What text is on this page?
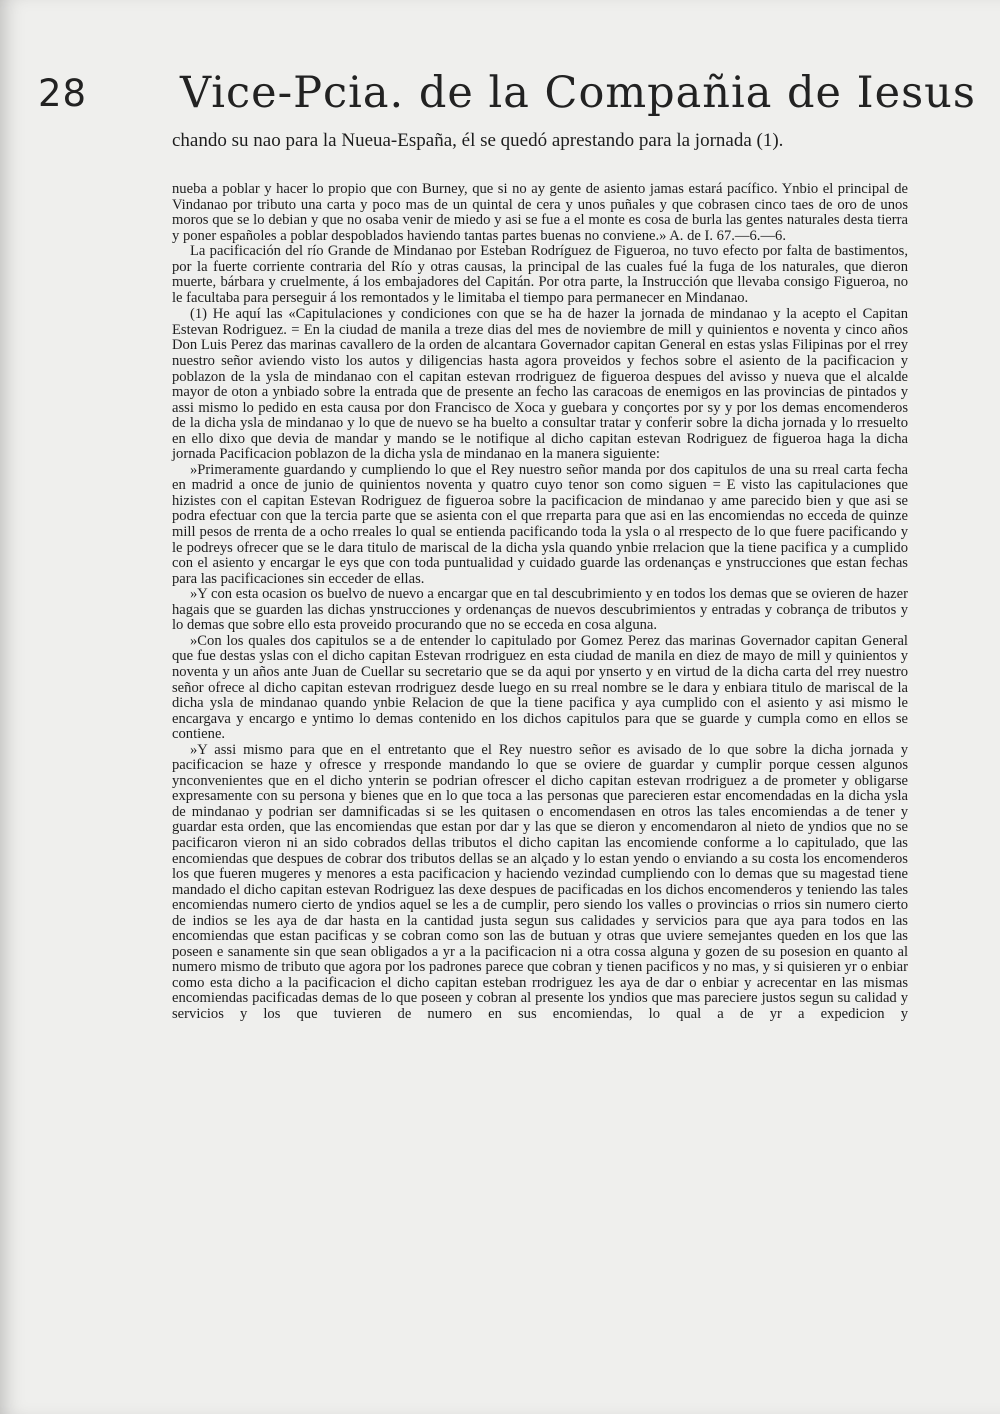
28 Vice-Pcia. de la Compañia de Iesus
chando su nao para la Nueua-España, él se quedó aprestando para la jornada (1).

nueba a poblar y hacer lo propio que con Burney, que si no ay gente de asiento jamas estará pacífico. Ynbio el principal de Vindanao por tributo una carta y poco mas de un quintal de cera y unos puñales y que cobrasen cinco taes de oro de unos moros que se lo debian y que no osaba venir de miedo y asi se fue a el monte es cosa de burla las gentes naturales desta tierra y poner españoles a poblar despoblados haviendo tantas partes buenas no conviene.» A. de I. 67.—6.—6.

La pacificación del río Grande de Mindanao por Esteban Rodríguez de Figueroa, no tuvo efecto por falta de bastimentos, por la fuerte corriente contraria del Río y otras causas, la principal de las cuales fué la fuga de los naturales, que dieron muerte, bárbara y cruelmente, á los embajadores del Capitán. Por otra parte, la Instrucción que llevaba consigo Figueroa, no le facultaba para perseguir á los remontados y le limitaba el tiempo para permanecer en Mindanao.

(1) He aquí las «Capitulaciones y condiciones con que se ha de hazer la jornada de mindanao y la acepto el Capitan Estevan Rodriguez. = En la ciudad de manila a treze dias del mes de noviembre de mill y quinientos e noventa y cinco años Don Luis Perez das marinas cavallero de la orden de alcantara Governador capitan General en estas yslas Filipinas por el rrey nuestro señor aviendo visto los autos y diligencias hasta agora proveidos y fechos sobre el asiento de la pacificacion y poblazon de la ysla de mindanao con el capitan estevan rrodriguez de figueroa despues del avisso y nueva que el alcalde mayor de oton a ynbiado sobre la entrada que de presente an fecho las caracoas de enemigos en las provincias de pintados y assi mismo lo pedido en esta causa por don Francisco de Xoca y guebara y conçortes por sy y por los demas encomenderos de la dicha ysla de mindanao y lo que de nuevo se ha buelto a consultar tratar y conferir sobre la dicha jornada y lo rresuelto en ello dixo que devia de mandar y mando se le notifique al dicho capitan estevan Rodriguez de figueroa haga la dicha jornada Pacificacion poblazon de la dicha ysla de mindanao en la manera siguiente:

»Primeramente guardando y cumpliendo lo que el Rey nuestro señor manda por dos capitulos de una su rreal carta fecha en madrid a once de junio de quinientos noventa y quatro cuyo tenor son como siguen = E visto las capitulaciones que hizistes con el capitan Estevan Rodriguez de figueroa sobre la pacificacion de mindanao y ame parecido bien y que asi se podra efectuar con que la tercia parte que se asienta con el que rreparta para que asi en las encomiendas no ecceda de quinze mill pesos de rrenta de a ocho rreales lo qual se entienda pacificando toda la ysla o al rrespecto de lo que fuere pacificando y le podreys ofrecer que se le dara titulo de mariscal de la dicha ysla quando ynbie rrelacion que la tiene pacifica y a cumplido con el asiento y encargar le eys que con toda puntualidad y cuidado guarde las ordenanças e ynstrucciones que estan fechas para las pacificaciones sin ecceder de ellas.

»Y con esta ocasion os buelvo de nuevo a encargar que en tal descubrimiento y en todos los demas que se ovieren de hazer hagais que se guarden las dichas ynstrucciones y ordenanças de nuevos descubrimientos y entradas y cobrança de tributos y lo demas que sobre ello esta proveido procurando que no se ecceda en cosa alguna.

»Con los quales dos capitulos se a de entender lo capitulado por Gomez Perez das marinas Governador capitan General que fue destas yslas con el dicho capitan Estevan rrodriguez en esta ciudad de manila en diez de mayo de mill y quinientos y noventa y un años ante Juan de Cuellar su secretario que se da aqui por ynserto y en virtud de la dicha carta del rrey nuestro señor ofrece al dicho capitan estevan rrodriguez desde luego en su rreal nombre se le dara y enbiara titulo de mariscal de la dicha ysla de mindanao quando ynbie Relacion de que la tiene pacifica y aya cumplido con el asiento y asi mismo le encargava y encargo e yntimo lo demas contenido en los dichos capitulos para que se guarde y cumpla como en ellos se contiene.

»Y assi mismo para que en el entretanto que el Rey nuestro señor es avisado de lo que sobre la dicha jornada y pacificacion se haze y ofresce y rresponde mandando lo que se oviere de guardar y cumplir porque cessen algunos ynconvenientes que en el dicho ynterin se podrian ofrescer el dicho capitan estevan rrodriguez a de prometer y obligarse expresamente con su persona y bienes que en lo que toca a las personas que parecieren estar encomendadas en la dicha ysla de mindanao y podrian ser damnificadas si se les quitasen o encomendasen en otros las tales encomiendas a de tener y guardar esta orden, que las encomiendas que estan por dar y las que se dieron y encomendaron al nieto de yndios que no se pacificaron vieron ni an sido cobrados dellas tributos el dicho capitan las encomiende conforme a lo capitulado, que las encomiendas que despues de cobrar dos tributos dellas se an alçado y lo estan yendo o enviando a su costa los encomenderos los que fueren mugeres y menores a esta pacificacion y haciendo vezindad cumpliendo con lo demas que su magestad tiene mandado el dicho capitan estevan Rodriguez las dexe despues de pacificadas en los dichos encomenderos y teniendo las tales encomiendas numero cierto de yndios aquel se les a de cumplir, pero siendo los valles o provincias o rrios sin numero cierto de indios se les aya de dar hasta en la cantidad justa segun sus calidades y servicios para que aya para todos en las encomiendas que estan pacificas y se cobran como son las de butuan y otras que uviere semejantes queden en los que las poseen e sanamente sin que sean obligados a yr a la pacificacion ni a otra cossa alguna y gozen de su posesion en quanto al numero mismo de tributo que agora por los padrones parece que cobran y tienen pacificos y no mas, y si quisieren yr o enbiar como esta dicho a la pacificacion el dicho capitan esteban rrodriguez les aya de dar o enbiar y acrecentar en las mismas encomiendas pacificadas demas de lo que poseen y cobran al presente los yndios que mas pareciere justos segun su calidad y servicios y los que tuvieren de numero en sus encomiendas, lo qual a de yr a expedicion y
